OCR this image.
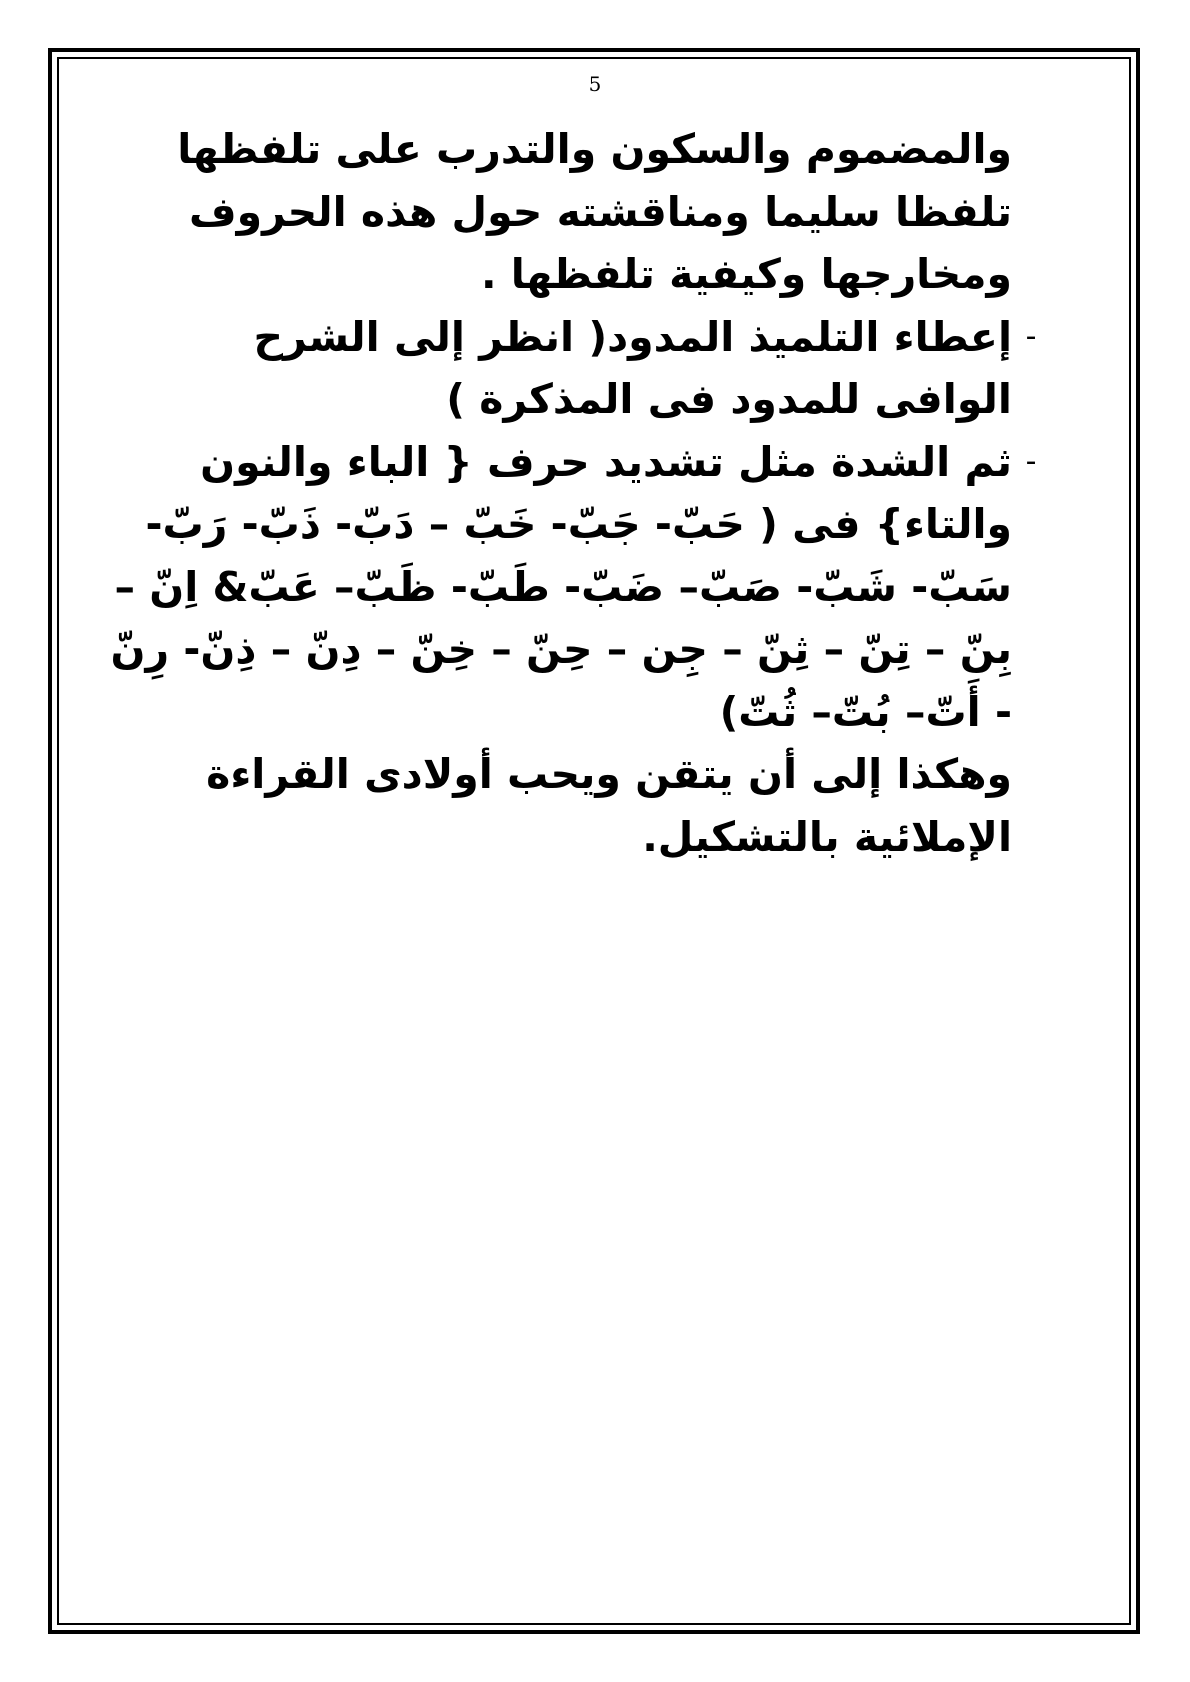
5

والمضموم والسكون والتدرب على تلفظها تلفظا سليما ومناقشته حول هذه الحروف ومخارجها وكيفية تلفظها .

-
إعطاء التلميذ المدود( انظر إلى الشرح الوافى للمدود فى المذكرة )
-
ثم الشدة مثل تشديد حرف { الباء والنون والتاء} فى ( حَبّ- جَبّ- خَبّ – دَبّ- ذَبّ- رَبّ- سَبّ- شَبّ- صَبّ– ضَبّ- طَبّ- ظَبّ– عَبّ& اِنّ – بِنّ – تِنّ – ثِنّ – جِن – حِنّ – خِنّ – دِنّ – ذِنّ- رِنّ - أَتّ– بُتّ– ثُتّ)

وهكذا إلى أن يتقن ويحب أولادى القراءة الإملائية بالتشكيل.
